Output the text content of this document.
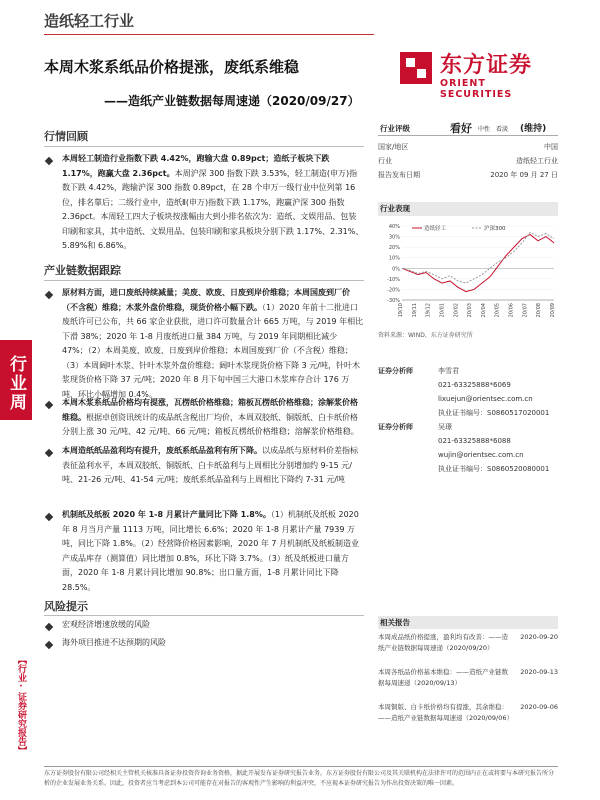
造纸轻工行业
本周木浆系纸品价格提涨，废纸系维稳
——造纸产业链数据每周速递（2020/09/27）
东方证券
ORIENT SECURITIES
行业周
【行业·证券研究报告】
行情回顾
本周轻工制造行业指数下跌 4.42%，跑输大盘 0.89pct；造纸子板块下跌 1.17%，跑赢大盘 2.36pct。本周沪深 300 指数下跌 3.53%，轻工制造(申万)指数下跌 4.42%，跑输沪深 300 指数 0.89pct，在 28 个申万一级行业中位列第 16 位，排名靠后；二级行业中，造纸Ⅱ(申万)指数下跌 1.17%，跑赢沪深 300 指数 2.36pct。本周轻工四大子板块按涨幅由大到小排名依次为：造纸、文娱用品、包装印刷和家具，其中造纸、文娱用品、包装印刷和家具板块分别下跌 1.17%、2.31%、5.89%和 6.86%。
产业链数据跟踪
原材料方面，进口废纸持续减量；美废、欧废、日废到岸价维稳；本周国废到厂价（不含税）维稳；木浆外盘价维稳，现货价格小幅下跌。（1）2020 年前十二批进口废纸许可已公布，共 66 家企业获批，进口许可数量合计 665 万吨，与 2019 年相比下滑 38%；2020 年 1-8 月废纸进口量 384 万吨，与 2019 年同期相比减少 47%；（2）本周美废、欧废、日废到岸价维稳；本周国废到厂价（不含税）维稳；（3）本周阔叶木浆、针叶木浆外盘价维稳；阔叶木浆现货价格下降 3 元/吨，针叶木浆现货价格下降 37 元/吨；2020 年 8 月下旬中国三大港口木浆库存合计 176 万吨，环比小幅增加 0.4%。
本周木浆系纸品价格均有提涨，瓦楞纸价格维稳；箱板瓦楞纸价格维稳；涂解浆价格维稳。根据卓创资讯统计的成品纸含税出厂均价，本周双胶纸、铜版纸、白卡纸价格分别上涨 30 元/吨、42 元/吨、66 元/吨；箱板瓦楞纸价格维稳；溶解浆价格维稳。
本周造纸纸品盈利均有提升，废纸系纸品盈利有所下降。以成品纸与原材料价差指标表征盈利水平，本周双胶纸、铜版纸、白卡纸盈利与上周相比分别增加约 9-15 元/吨、21-26 元/吨、41-54 元/吨；废纸系纸品盈利与上周相比下降约 7-31 元/吨
机制纸及纸板 2020 年 1-8 月累计产量同比下降 1.8%。（1）机制纸及纸板 2020 年 8 月当月产量 1113 万吨，同比增长 6.6%；2020 年 1-8 月累计产量 7939 万吨，同比下降 1.8%。（2）经营降价格因素影响，2020 年 7 月机制纸及纸板制造业产成品库存（测算值）同比增加 0.8%，环比下降 3.7%。（3）纸及纸板进口量方面，2020 年 1-8 月累计同比增加 90.8%；出口量方面，1-8 月累计同比下降 28.5%。
风险提示
宏观经济增速放缓的风险
海外项目推进不达预期的风险
行业评级	看好 中性 看淡 (维持)
国家/地区	中国
行业	造纸轻工行业
报告发布日期	2020 年 09 月 27 日
行业表现
40%
30%
20%
10%
0%
-10%
-20%
-30%
19/10 19/11 19/12 20/01 20/02 20/03 20/04 20/05 20/06 20/07 20/08 20/09
造纸轻工	沪深300
资料来源：WIND、东方证券研究所
证券分析师	李雪君
021-63325888*6069
lixuejun@orientsec.com.cn
执业证书编号：S0860517020001
证券分析师	吴璟
021-63325888*6088
wujin@orientsec.com.cn
执业证书编号：S0860520080001
相关报告
本周成品纸价格提涨，盈利均有改善：——造纸产业链数据每周速递（2020/09/20）
2020-09-20
本周各纸品价格基本维稳：——造纸产业链数据每周速递（2020/09/13）
2020-09-13
本周铜版、白卡纸价格均有提涨，其余维稳：——造纸产业链数据每周速递（2020/09/06）
2020-09-06
东方证券股份有限公司经相关主管机关核准具备证券投资咨询业务资格，据此开展发布证券研究报告业务。东方证券股份有限公司及其关联机构在法律许可的范围内正在或将要与本研究报告所分析的企业发展业务关系。因此，投资者应当考虑到本公司可能存在对报告的客观性产生影响的利益冲突，不应视本证券研究报告为作出投资决策的唯一因素。
